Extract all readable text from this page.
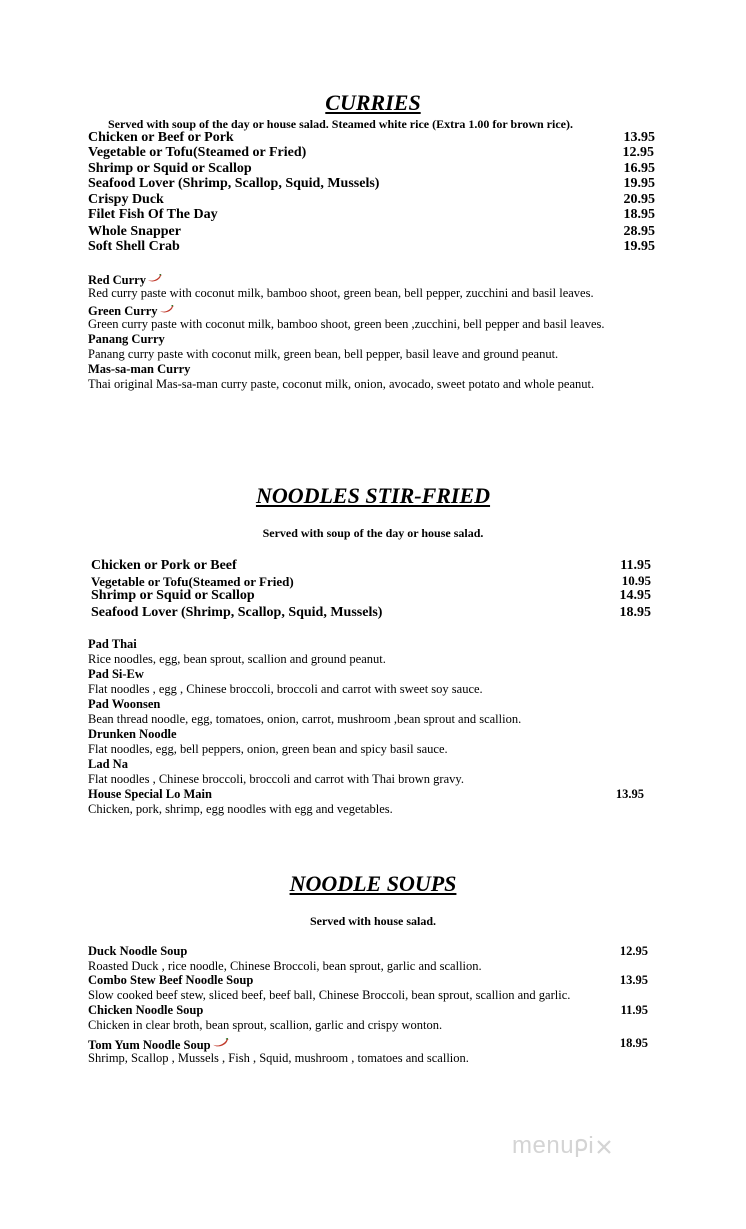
CURRIES
Served with soup of the day or house salad. Steamed white rice (Extra 1.00 for brown rice).
Chicken or Beef or Pork	13.95
Vegetable or Tofu(Steamed or Fried)	12.95
Shrimp or Squid or Scallop	16.95
Seafood Lover (Shrimp, Scallop, Squid, Mussels)	19.95
Crispy Duck	20.95
Filet Fish Of The Day	18.95
Whole Snapper	28.95
Soft Shell Crab	19.95
Red Curry
Red curry paste with coconut milk, bamboo shoot, green bean, bell pepper, zucchini and basil leaves.
Green Curry
Green curry paste with coconut milk, bamboo shoot, green been ,zucchini, bell pepper and basil leaves.
Panang Curry
Panang curry paste with coconut milk, green bean, bell pepper, basil leave and ground peanut.
Mas-sa-man Curry
Thai original Mas-sa-man curry paste, coconut milk, onion, avocado, sweet potato and whole peanut.
NOODLES STIR-FRIED
Served with soup of the day or house salad.
Chicken or Pork or Beef	11.95
Vegetable or Tofu(Steamed or Fried)	10.95
Shrimp or Squid or Scallop	14.95
Seafood Lover (Shrimp, Scallop, Squid, Mussels)	18.95
Pad Thai
Rice noodles, egg, bean sprout, scallion and ground peanut.
Pad Si-Ew
Flat noodles , egg , Chinese broccoli, broccoli and carrot with sweet soy sauce.
Pad Woonsen
Bean thread noodle, egg, tomatoes, onion, carrot, mushroom ,bean sprout and scallion.
Drunken Noodle
Flat noodles, egg, bell peppers, onion, green bean and spicy basil sauce.
Lad Na
Flat noodles , Chinese broccoli, broccoli and carrot with Thai brown gravy.
House Special Lo Main	13.95
Chicken, pork, shrimp, egg noodles with egg and vegetables.
NOODLE SOUPS
Served with house salad.
Duck Noodle Soup	12.95
Roasted Duck , rice noodle, Chinese Broccoli, bean sprout, garlic and scallion.
Combo Stew Beef Noodle Soup	13.95
Slow cooked beef stew, sliced beef, beef ball, Chinese Broccoli, bean sprout, scallion and garlic.
Chicken Noodle Soup	11.95
Chicken in clear broth, bean sprout, scallion, garlic and crispy wonton.
Tom Yum Noodle Soup	18.95
Shrimp, Scallop , Mussels , Fish , Squid, mushroom , tomatoes and scallion.
menu
